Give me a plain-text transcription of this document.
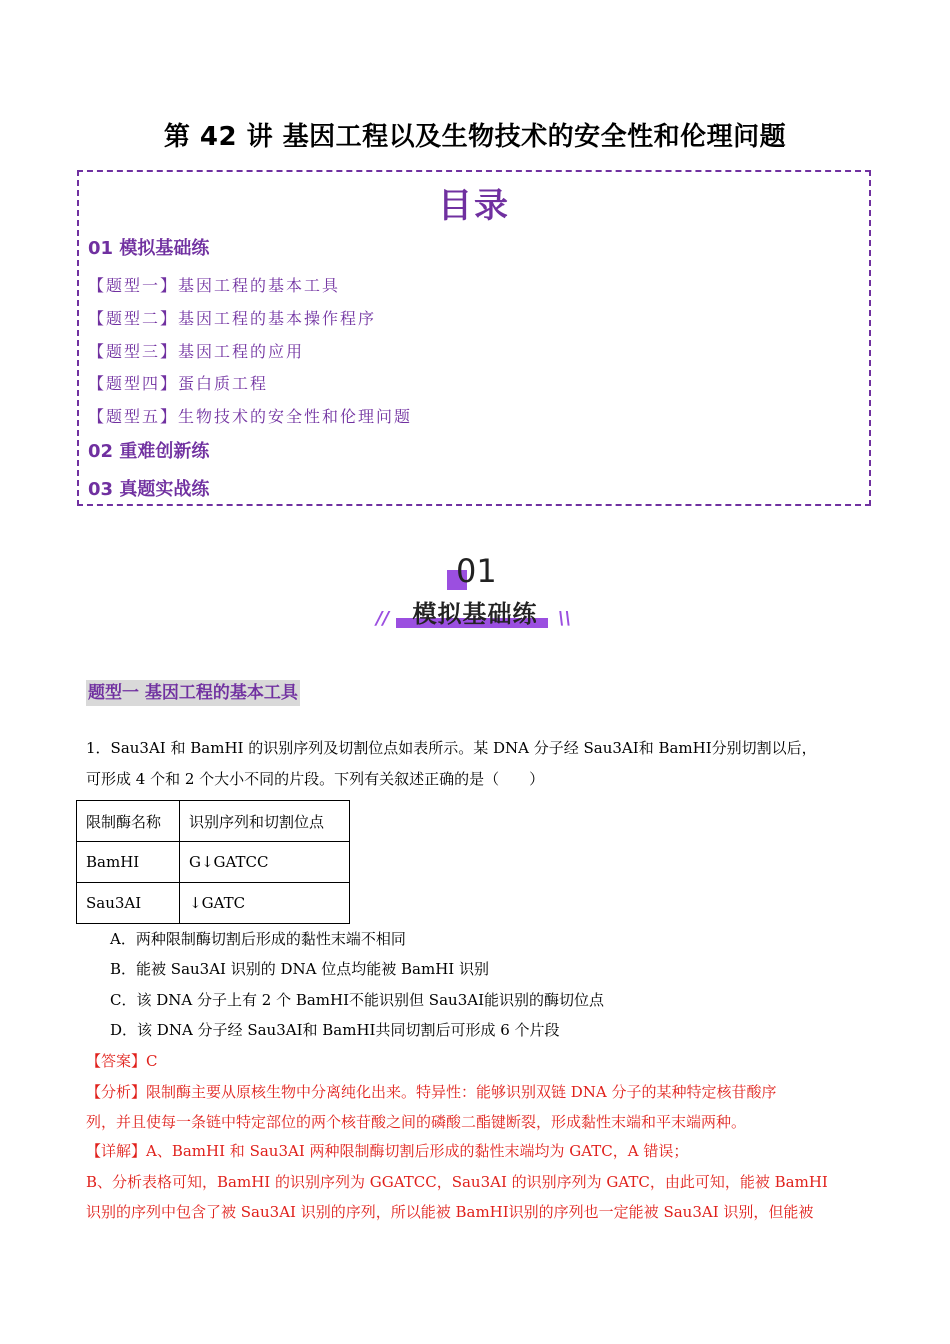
第 42 讲 基因工程以及生物技术的安全性和伦理问题
目录
01 模拟基础练
【题型一】基因工程的基本工具
【题型二】基因工程的基本操作程序
【题型三】基因工程的应用
【题型四】蛋白质工程
【题型五】生物技术的安全性和伦理问题
02 重难创新练
03 真题实战练
01
模拟基础练
//	\\
题型一 基因工程的基本工具
1．Sau3AI 和 BamHI 的识别序列及切割位点如表所示。某 DNA 分子经 Sau3AⅠ和 BamHⅠ分别切割以后，
可形成 4 个和 2 个大小不同的片段。下列有关叙述正确的是（　　）
限制酶名称	识别序列和切割位点
BamHI	G↓GATCC
Sau3AI	↓GATC
A．两种限制酶切割后形成的黏性末端不相同
B．能被 Sau3AI 识别的 DNA 位点均能被 BamHI 识别
C．该 DNA 分子上有 2 个 BamHⅠ不能识别但 Sau3AⅠ能识别的酶切位点
D．该 DNA 分子经 Sau3AⅠ和 BamHⅠ共同切割后可形成 6 个片段
【答案】C
【分析】限制酶主要从原核生物中分离纯化出来。特异性：能够识别双链 DNA 分子的某种特定核苷酸序
列，并且使每一条链中特定部位的两个核苷酸之间的磷酸二酯键断裂，形成黏性末端和平末端两种。
【详解】A、BamHI 和 Sau3AI 两种限制酶切割后形成的黏性末端均为 GATC，A 错误；
B、分析表格可知，BamHI 的识别序列为 GGATCC，Sau3AI 的识别序列为 GATC，由此可知，能被 BamHⅠ
识别的序列中包含了被 Sau3AI 识别的序列，所以能被 BamHⅠ识别的序列也一定能被 Sau3AI 识别，但能被
